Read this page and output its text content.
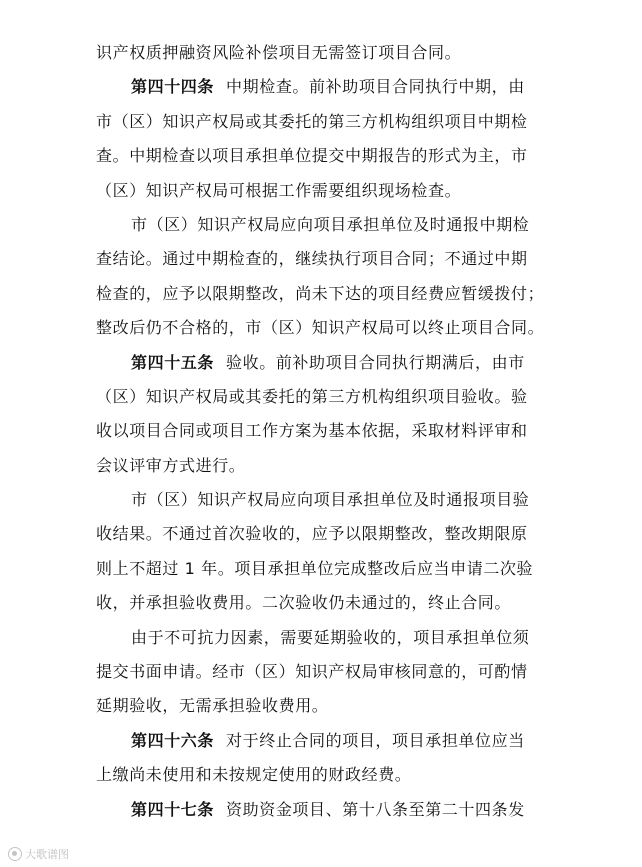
识产权质押融资风险补偿项目无需签订项目合同。
第四十四条 中期检查。前补助项目合同执行中期，由
市（区）知识产权局或其委托的第三方机构组织项目中期检
查。中期检查以项目承担单位提交中期报告的形式为主，市
（区）知识产权局可根据工作需要组织现场检查。
市（区）知识产权局应向项目承担单位及时通报中期检
查结论。通过中期检查的，继续执行项目合同；不通过中期
检查的，应予以限期整改，尚未下达的项目经费应暂缓拨付；
整改后仍不合格的，市（区）知识产权局可以终止项目合同。
第四十五条 验收。前补助项目合同执行期满后，由市
（区）知识产权局或其委托的第三方机构组织项目验收。验
收以项目合同或项目工作方案为基本依据，采取材料评审和
会议评审方式进行。
市（区）知识产权局应向项目承担单位及时通报项目验
收结果。不通过首次验收的，应予以限期整改，整改期限原
则上不超过 1 年。项目承担单位完成整改后应当申请二次验
收，并承担验收费用。二次验收仍未通过的，终止合同。
由于不可抗力因素，需要延期验收的，项目承担单位须
提交书面申请。经市（区）知识产权局审核同意的，可酌情
延期验收，无需承担验收费用。
第四十六条 对于终止合同的项目，项目承担单位应当
上缴尚未使用和未按规定使用的财政经费。
第四十七条 资助资金项目、第十八条至第二十四条发
大歌谱图
